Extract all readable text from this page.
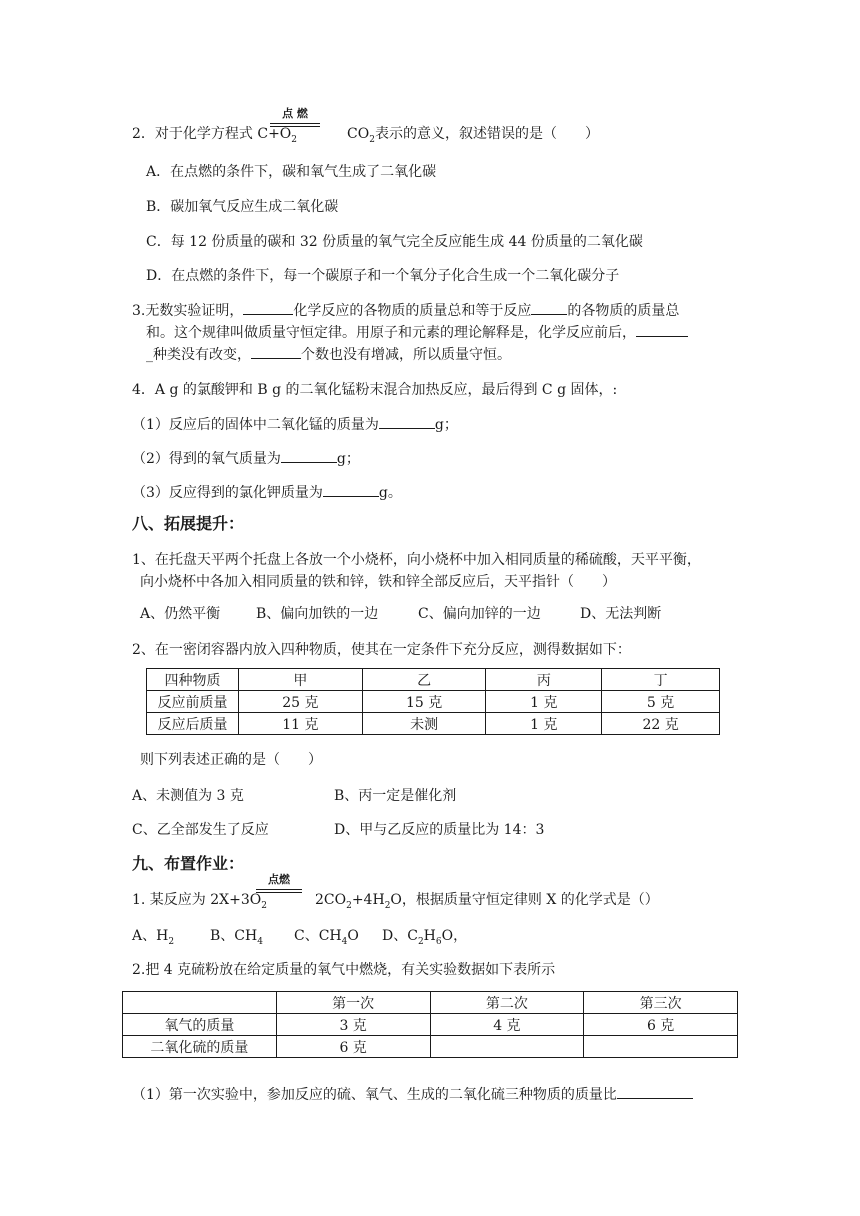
2．对于化学方程式 $C+O_2$	$CO_2$表示的意义，叙述错误的是（　　）
点 燃
A．在点燃的条件下，碳和氧气生成了二氧化碳
B．碳加氧气反应生成二氧化碳
C．每 12 份质量的碳和 32 份质量的氧气完全反应能生成 44 份质量的二氧化碳
D．在点燃的条件下，每一个碳原子和一个氧分子化合生成一个二氧化碳分子
3.无数实验证明，	化学反应的各物质的质量总和等于反应	的各物质的质量总
和。这个规律叫做质量守恒定律。用原子和元素的理论解释是，化学反应前后，
_种类没有改变，	个数也没有增减，所以质量守恒。
4．A g 的氯酸钾和 B g 的二氧化锰粉末混合加热反应，最后得到 C g 固体，:
（1）反应后的固体中二氧化锰的质量为	g；
（2）得到的氧气质量为	g；
（3）反应得到的氯化钾质量为	g。
八、拓展提升：
1、在托盘天平两个托盘上各放一个小烧杯，向小烧杯中加入相同质量的稀硫酸，天平平衡，
向小烧杯中各加入相同质量的铁和锌，铁和锌全部反应后，天平指针（　　）
A、仍然平衡	B、偏向加铁的一边	C、偏向加锌的一边	D、无法判断
2、在一密闭容器内放入四种物质，使其在一定条件下充分反应，测得数据如下：
四种物质	甲	乙	丙	丁
反应前质量	25 克	15 克	1 克	5 克
反应后质量	11 克	未测	1 克	22 克
则下列表述正确的是（　　）
A、未测值为 3 克	B、丙一定是催化剂
C、乙全部发生了反应	D、甲与乙反应的质量比为 14：3
九、布置作业：
1. 某反应为 $2X+3O_2$	$2CO_2+4H_2O$，根据质量守恒定律则 X 的化学式是（）
点燃
A、$H_2$	B、$CH_4$ C、$CH_4O$ D、$C_2H_6O$，
2.把 4 克硫粉放在给定质量的氧气中燃烧，有关实验数据如下表所示
	第一次	第二次	第三次
氧气的质量	3 克	4 克	6 克
二氧化硫的质量	6 克		
（1）第一次实验中，参加反应的硫、氧气、生成的二氧化硫三种物质的质量比
